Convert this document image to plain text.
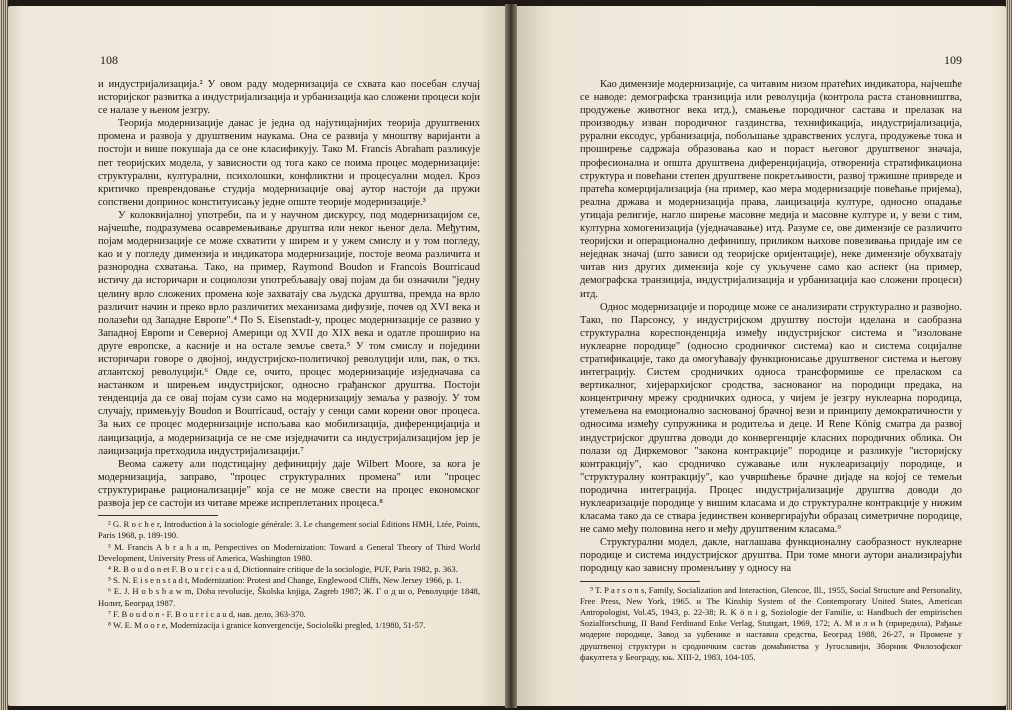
108

и индустријализација.² У овом раду модернизација се схвата као посебан случај историјског развитка а индустријализација и урбанизација као сложени процеси који се налазе у њеном језгру.

Теорија модернизације данас је једна од најутицајнијих теорија друштвених промена и развоја у друштвеним наукама. Она се развија у мноштву варијанти а постоји и више покушаја да се оне класификују. Тако M. Francis Abraham разликује пет теоријских модела, у зависности од тога како се поима процес модернизације: структурални, културални, психолошки, конфликтни и процесуални модел. Кроз критичко преврендовање студија модернизације овај аутор настоји да пружи сопствени допринос конституисању једне опште теорије модернизације.³

У колоквијалној употреби, па и у научном дискурсу, под модернизацијом се, најчешће, подразумева осавремењивање друштва или неког њеног дела. Међутим, појам модернизације се може схватити у ширем и у ужем смислу и у том погледу, као и у погледу димензија и индикатора модернизације, постоје веома различита и разнородна схватања. Тако, на пример, Raymond Boudon и Francois Bourricaud истичу да историчари и социолози употребљавају овај појам да би означили "једну целину врло сложених промена које захватају сва људска друштва, премда на врло различит начин и преко врло различитих механизама дифузије, почев од XVI века и полазећи од Западне Европе".⁴ По S. Eisenstadt-у, процес модернизације се развио у Западној Европи и Северној Америци од XVII до XIX века и одатле проширио на друге европске, а касније и на остале земље света.⁵ У том смислу и поједини историчари говоре о двојној, индустријско-политичкој револуцији или, пак, о ткз. атлантској револуцији.⁶ Овде се, очито, процес модернизације изједначава са настанком и ширењем индустријског, односно грађанског друштва. Постоји тенденција да се овај појам сузи само на модернизацију земаља у развоју. У том случају, примењују Boudon и Bourricaud, остају у сенци сами корени овог процеса. За њих се процес модернизације испољава као мобилизација, диференцијација и лаицизација, а модернизација се не сме изједначити са индустријализацијом јер је лаицизација претходила индустријализацији.⁷

Веома сажету али подстицајну дефиницију даје Wilbert Moore, за кога је модернизација, заправо, "процес структуралних промена" или "процес структурирање рационализације" која се не може свести на процес економског развоја јер се састоји из читаве мреже испреплетаних процеса.⁸

² G. R o c h e r, Introduction à la sociologie générale: 3. Le changement social Éditions HMH, Ltée, Points, Paris 1968, p. 189-190.

³ M. Francis A b r a h a m, Perspectives on Modernization: Toward a General Theory of Third World Development, University Press of America, Washington 1980.

⁴ R. B o u d o n et F. B o u r r i c a u d, Dictionnaire critique de la sociologie, PUF, Paris 1982, p. 363.

⁵ S. N. E i s e n s t a d t, Modernization: Protest and Change, Englewood Cliffs, New Jersey 1966, p. 1.

⁶ E. J. H o b s b a w m, Doba revolucije, Školska knjiga, Zagreb 1987; Ж. Г о д ш о, Револуције 1848, Нолит, Београд 1987.

⁷ F. B o u d o n - F. B o u r r i c a u d, нав. дело, 363-370.

⁸ W. E. M o o r e, Modernizacija i granice konvergencije, Sociološki pregled, 1/1980, 51-57.

109

Као димензије модернизације, са читавим низом пратећих индикатора, најчешће се наводе: демографска транзиција или револуција (контрола раста становништва, продужење животног века итд.), смањење породичног састава и прелазак на производњу изван породичног газдинства, технификација, индустријализација, рурални ексодус, урбанизација, побољшање здравствених услуга, продужење тока и проширење садржаја образовања као и пораст његовог друштвеног значаја, професионална и општа друштвена диференцијација, отворенија стратификациона структура и повећани степен друштвене покретљивости, развој тржишне привреде и пратећа комерцијализација (на пример, као мера модернизације повећање пријема), реална држава и модернизација права, лаицизација културе, односно опадање утицаја религије, нагло ширење масовне медија и масовне културе и, у вези с тим, културна хомогенизација (уједначавање) итд. Разуме се, ове димензије се различито теоријски и операционално дефинишу, приликом њихове повезивања придаје им се неједнак значај (што зависи од теоријске оријентације), неке димензије обухватају читав низ других димензија које су укључене само као аспект (на пример, демографска транзиција, индустријализација и урбанизација као сложени процеси) итд.

Однос модернизације и породице може се анализирати структурално и развојно. Тако, по Парсонсу, у индустријском друштву постоји иделана и саобразна структурална кореспонденција између индустријског система и "изоловане нуклеарне породице" (односно сродничког система) као и система социјалне стратификације, тако да омогућавају функционисање друштвеног система и његову интеграцију. Систем сродничких односа трансформише се преласком са вертикалног, хијерархијског сродства, заснованог на породици предака, на концентричну мрежу сродничких односа, у чијем је језгру нуклеарна породица, утемељена на емоционално заснованој брачној вези и принципу демократичности у односима између супружника и родитеља и деце. И Rene König сматра да развој индустријског друштва доводи до конвергенције класних породичних облика. Он полази од Диркемовог "закона контракције" породице и разликује "историјску контракцију", као сродничко сужавање или нуклеаризацију породице, и "структуралну контракцију", као учвршћење брачне дијаде на којој се темељи породична интеграција. Процес индустријализације друштва доводи до нуклеаризације породице у вишим класама и до структуралне контракције у нижим класама тако да се ствара јединствен конвергирајући образац симетричне породице, не само међу половина него и међу друштвеним класама.⁹

Структурални модел, дакле, наглашава функционалну саобразност нуклеарне породице и система индустријског друштва. При томе многи аутори анализирајући породицу као зависну променљиву у односу на

⁹ T. P a r s o n s, Family, Socialization and Interaction, Glencoe, Ill., 1955, Social Structure and Personality, Free Press, New York, 1965. и The Kinship System of the Contemporary United States, American Antropologist, Vol.45, 1943, p. 22-38; R. K ö n i g, Soziologie der Familie, u: Handbuch der empirischen Sozialforschung, II Band Ferdinand Enke Verlag, Stuttgart, 1969, 172; А. М и л и ћ (приредила), Рађање модерне породице, Завод за уџбенике и наставна средства, Београд 1988, 26-27, и Промене у друштвеној структури и сродничким састав домаћинства у Југославији, Зборник Филозофског факултета у Београду, књ. XIII-2, 1983, 104-105.
